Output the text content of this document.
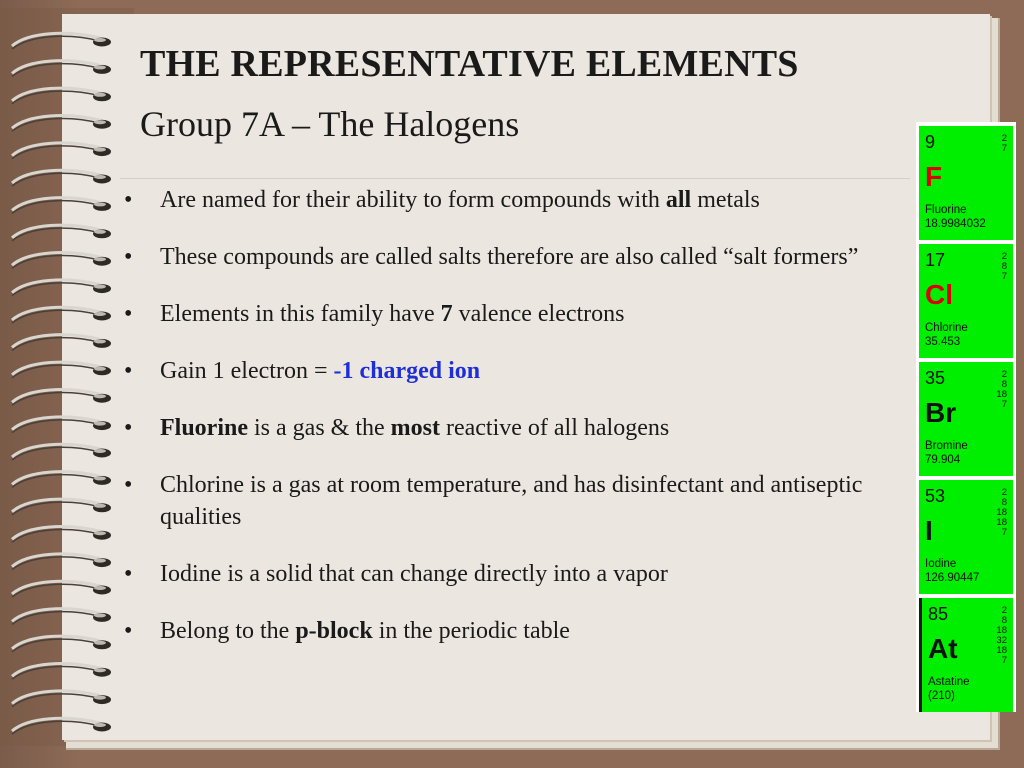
THE REPRESENTATIVE ELEMENTS
Group 7A – The Halogens
• Are named for their ability to form compounds with all metals
• These compounds are called salts therefore are also called “salt formers”
• Elements in this family have 7 valence electrons
• Gain 1 electron = -1 charged ion
• Fluorine is a gas & the most reactive of all halogens
• Chlorine is a gas at room temperature, and has disinfectant and antiseptic qualities
• Iodine is a solid that can change directly into a vapor
• Belong to the p-block in the periodic table
9
F
Fluorine
18.9984032
2
7
17
Cl
Chlorine
35.453
2
8
7
35
Br
Bromine
79.904
2
8
18
7
53
I
Iodine
126.90447
2
8
18
18
7
85
At
Astatine
(210)
2
8
18
32
18
7
